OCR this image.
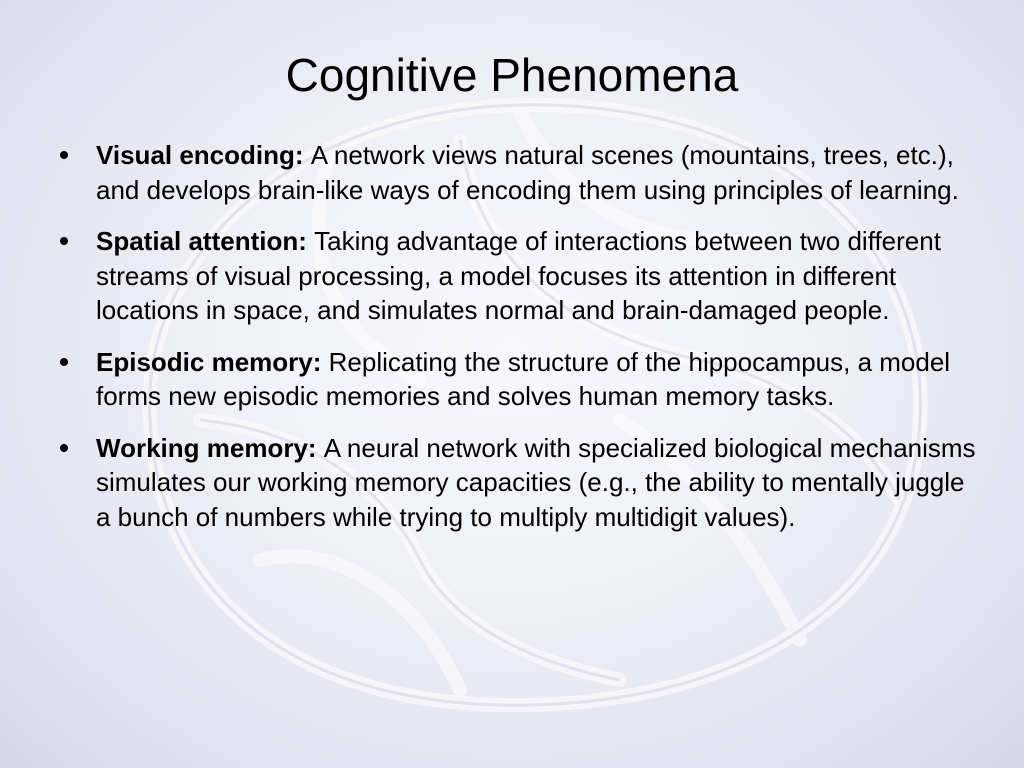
Cognitive Phenomena
Visual encoding: A network views natural scenes (mountains, trees, etc.), and develops brain-like ways of encoding them using principles of learning.
Spatial attention: Taking advantage of interactions between two different streams of visual processing, a model focuses its attention in different locations in space, and simulates normal and brain-damaged people.
Episodic memory: Replicating the structure of the hippocampus, a model forms new episodic memories and solves human memory tasks.
Working memory: A neural network with specialized biological mechanisms simulates our working memory capacities (e.g., the ability to mentally juggle a bunch of numbers while trying to multiply multidigit values).
